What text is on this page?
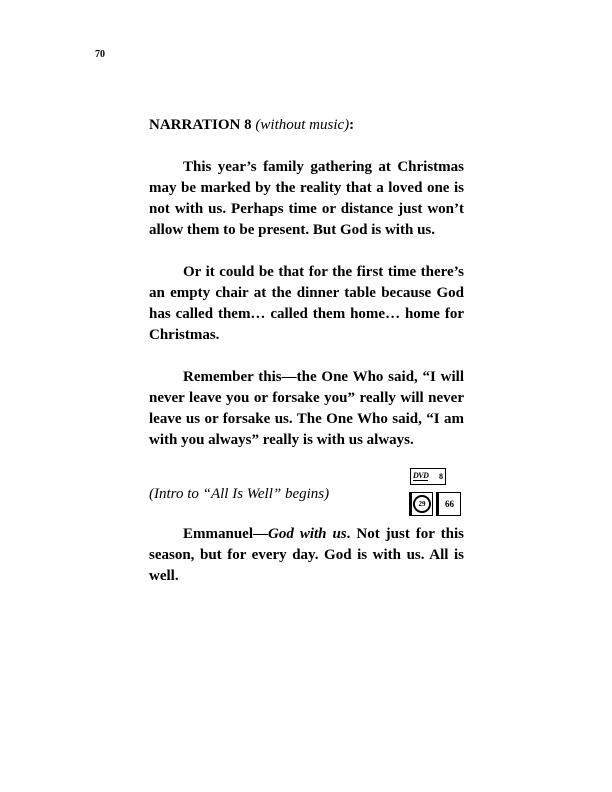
70

NARRATION 8 (without music):

This year’s family gathering at Christmas may be marked by the reality that a loved one is not with us. Perhaps time or distance just won’t allow them to be present. But God is with us.

Or it could be that for the first time there’s an empty chair at the dinner table because God has called them… called them home… home for Christmas.

Remember this—the One Who said, “I will never leave you or forsake you” really will never leave us or forsake us. The One Who said, “I am with you always” really is with us always.

(Intro to “All Is Well” begins)
DVD 8
29	66

Emmanuel—God with us. Not just for this season, but for every day. God is with us. All is well.
